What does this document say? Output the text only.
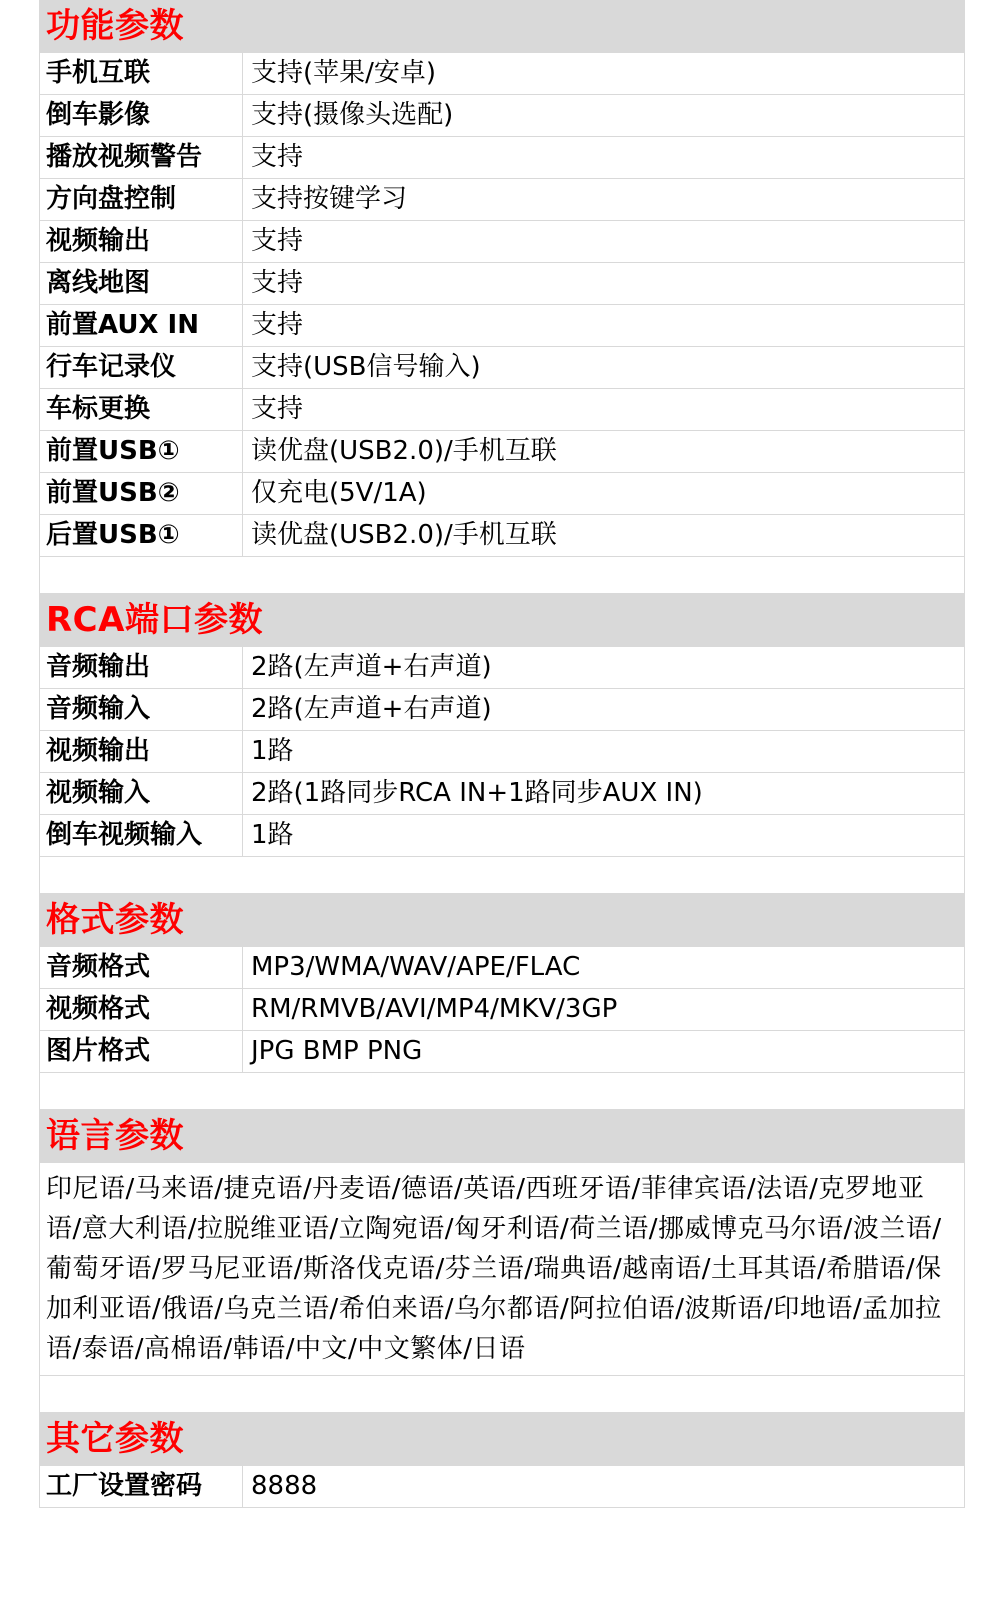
功能参数
手机互联	支持(苹果/安卓)
倒车影像	支持(摄像头选配)
播放视频警告	支持
方向盘控制	支持按键学习
视频输出	支持
离线地图	支持
前置AUX IN	支持
行车记录仪	支持(USB信号输入)
车标更换	支持
前置USB①	读优盘(USB2.0)/手机互联
前置USB②	仅充电(5V/1A)
后置USB①	读优盘(USB2.0)/手机互联
RCA端口参数
音频输出	2路(左声道+右声道)
音频输入	2路(左声道+右声道)
视频输出	1路
视频输入	2路(1路同步RCA IN+1路同步AUX IN)
倒车视频输入	1路
格式参数
音频格式	MP3/WMA/WAV/APE/FLAC
视频格式	RM/RMVB/AVI/MP4/MKV/3GP
图片格式	JPG BMP PNG
语言参数
印尼语/马来语/捷克语/丹麦语/德语/英语/西班牙语/菲律宾语/法语/克罗地亚语/意大利语/拉脱维亚语/立陶宛语/匈牙利语/荷兰语/挪威博克马尔语/波兰语/葡萄牙语/罗马尼亚语/斯洛伐克语/芬兰语/瑞典语/越南语/土耳其语/希腊语/保加利亚语/俄语/乌克兰语/希伯来语/乌尔都语/阿拉伯语/波斯语/印地语/孟加拉语/泰语/高棉语/韩语/中文/中文繁体/日语
其它参数
工厂设置密码	8888
